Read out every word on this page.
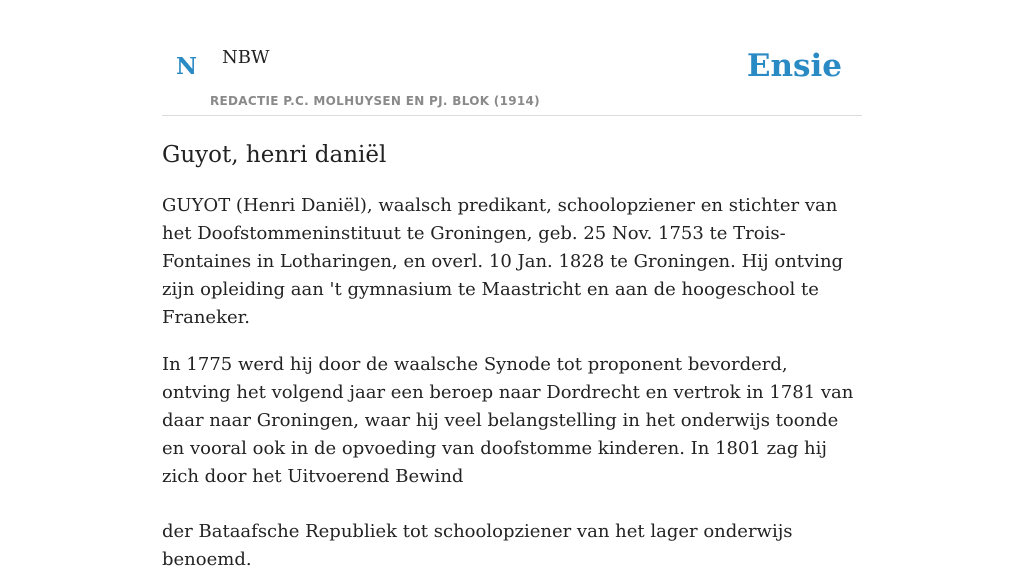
N NBW
REDACTIE P.C. MOLHUYSEN EN PJ. BLOK (1914)
Ensie
Guyot, henri daniël

GUYOT (Henri Daniël), waalsch predikant, schoolopziener en stichter van het Doofstommeninstituut te Groningen, geb. 25 Nov. 1753 te Trois-Fontaines in Lotharingen, en overl. 10 Jan. 1828 te Groningen. Hij ontving zijn opleiding aan 't gymnasium te Maastricht en aan de hoogeschool te Franeker.

In 1775 werd hij door de waalsche Synode tot proponent bevorderd, ontving het volgend jaar een beroep naar Dordrecht en vertrok in 1781 van daar naar Groningen, waar hij veel belangstelling in het onderwijs toonde en vooral ook in de opvoeding van doofstomme kinderen. In 1801 zag hij zich door het Uitvoerend Bewind

der Bataafsche Republiek tot schoolopziener van het lager onderwijs benoemd.
